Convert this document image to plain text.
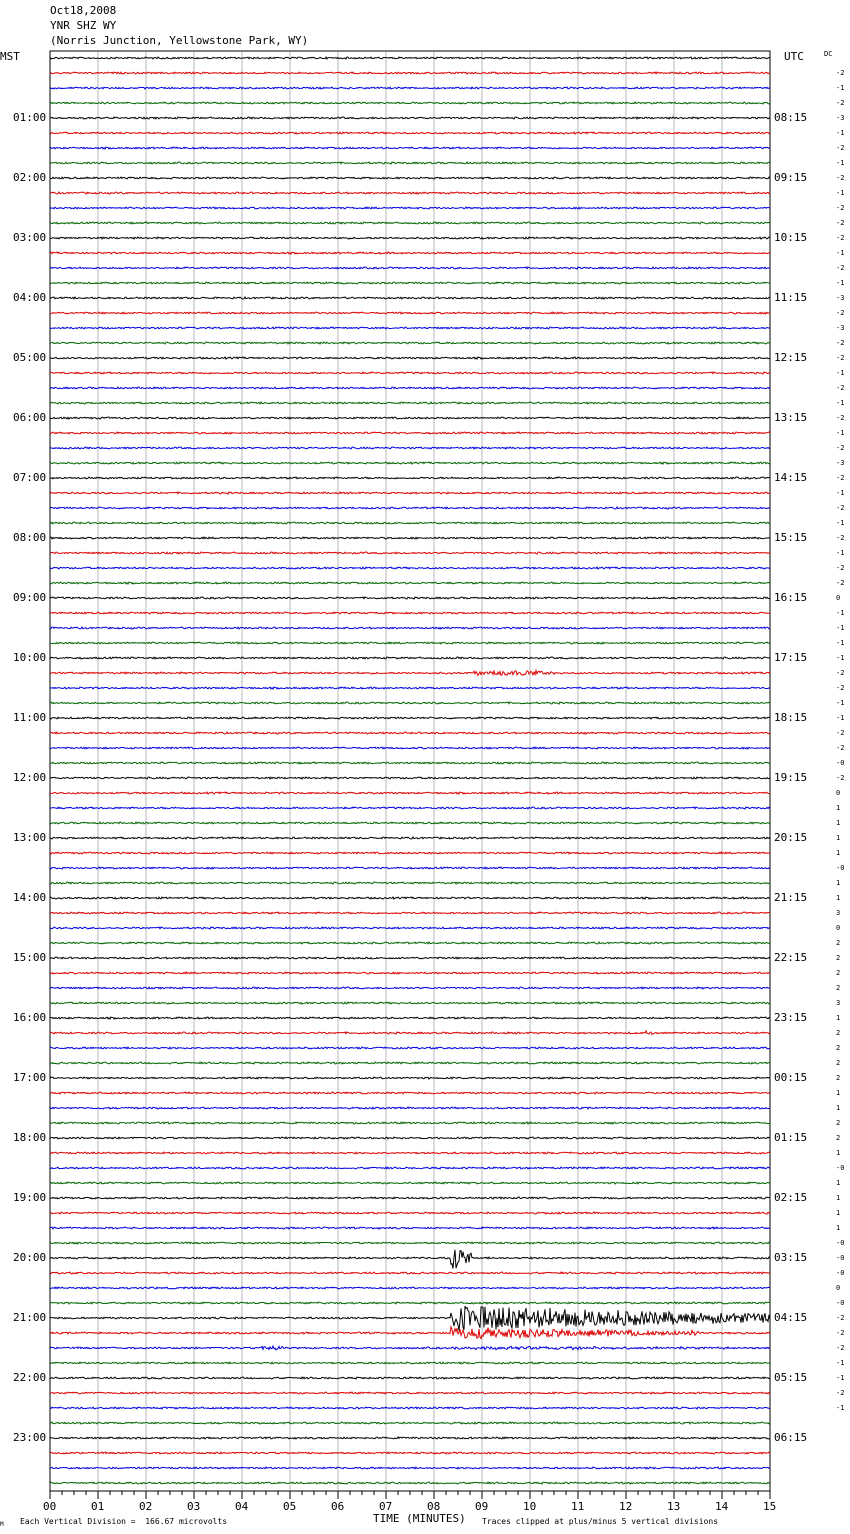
Oct18,2008
YNR SHZ WY
(Norris Junction, Yellowstone Park, WY)
MST	UTC	DC
01:00
02:00
03:00
04:00
05:00
06:00
07:00
08:00
09:00
10:00
11:00
12:00
13:00
14:00
15:00
16:00
17:00
18:00
19:00
20:00
21:00
22:00
23:00
08:15
09:15
10:15
11:15
12:15
13:15
14:15
15:15
16:15
17:15
18:15
19:15
20:15
21:15
22:15
23:15
00:15
01:15
02:15
03:15
04:15
05:15
06:15
-2
-1
-2
-3
-1
-2
-1
-2
-1
-2
-2
-2
-1
-2
-1
-3
-2
-3
-2
-2
-1
-2
-1
-2
-1
-2
-3
-2
-1
-2
-1
-2
-1
-2
-2
0
-1
-1
-1
-1
-2
-2
-1
-1
-2
-2
-0
-2
0
1
1
1
1
-0
1
1
3
0
2
2
2
2
3
1
2
2
2
2
1
1
2
2
1
-0
1
1
1
1
-0
-0
-0
0
-0
-2
-2
-2
-1
-1
-2
-1
00	01	02	03	04	05	06	07	08	09	10	11	12	13	14	15
M Each Vertical Division =  166.67 microvolts	TIME (MINUTES) Traces clipped at plus/minus 5 vertical divisions
